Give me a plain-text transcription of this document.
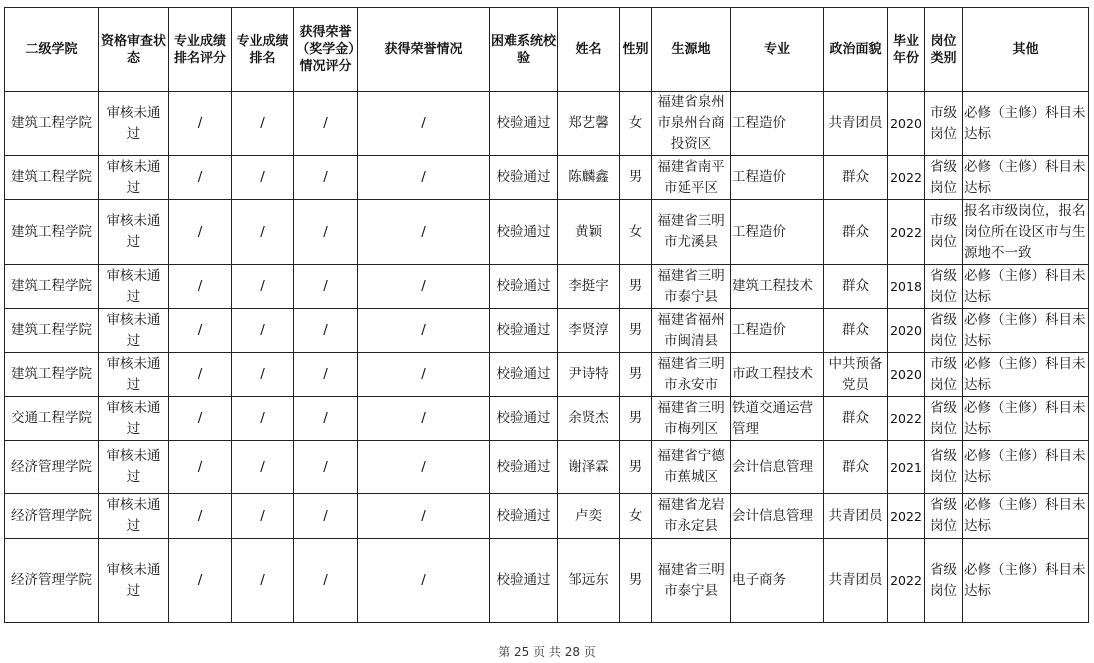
二级学院	资格审查状态	专业成绩排名评分	专业成绩排名	获得荣誉（奖学金）情况评分	获得荣誉情况	困难系统校验	姓名	性别	生源地	专业	政治面貌	毕业年份	岗位类别	其他
建筑工程学院	审核未通过	/	/	/	/	校验通过	郑艺馨	女	福建省泉州市泉州台商投资区	工程造价	共青团员	2020	市级岗位	必修（主修）科目未达标
建筑工程学院	审核未通过	/	/	/	/	校验通过	陈麟鑫	男	福建省南平市延平区	工程造价	群众	2022	省级岗位	必修（主修）科目未达标
建筑工程学院	审核未通过	/	/	/	/	校验通过	黄颖	女	福建省三明市尤溪县	工程造价	群众	2022	市级岗位	报名市级岗位，报名岗位所在设区市与生源地不一致
建筑工程学院	审核未通过	/	/	/	/	校验通过	李挺宇	男	福建省三明市泰宁县	建筑工程技术	群众	2018	省级岗位	必修（主修）科目未达标
建筑工程学院	审核未通过	/	/	/	/	校验通过	李贤淳	男	福建省福州市闽清县	工程造价	群众	2020	省级岗位	必修（主修）科目未达标
建筑工程学院	审核未通过	/	/	/	/	校验通过	尹诗特	男	福建省三明市永安市	市政工程技术	中共预备党员	2020	市级岗位	必修（主修）科目未达标
交通工程学院	审核未通过	/	/	/	/	校验通过	余贤杰	男	福建省三明市梅列区	铁道交通运营管理	群众	2022	省级岗位	必修（主修）科目未达标
经济管理学院	审核未通过	/	/	/	/	校验通过	谢泽霖	男	福建省宁德市蕉城区	会计信息管理	群众	2021	省级岗位	必修（主修）科目未达标
经济管理学院	审核未通过	/	/	/	/	校验通过	卢奕	女	福建省龙岩市永定县	会计信息管理	共青团员	2022	省级岗位	必修（主修）科目未达标
经济管理学院	审核未通过	/	/	/	/	校验通过	邹远东	男	福建省三明市泰宁县	电子商务	共青团员	2022	省级岗位	必修（主修）科目未达标
第 25 页 共 28 页
